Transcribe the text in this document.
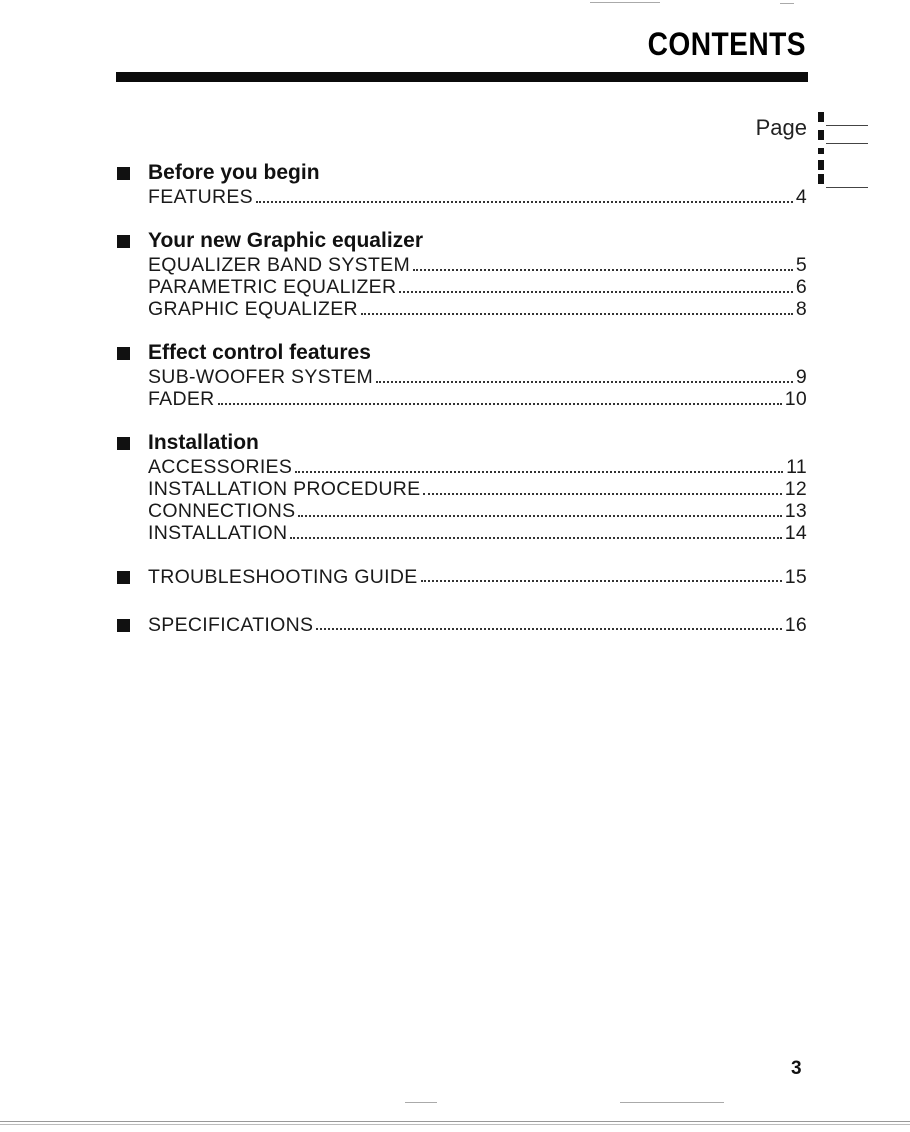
CONTENTS
Page
Before you begin
FEATURES	4
Your new Graphic equalizer
EQUALIZER BAND SYSTEM	5
PARAMETRIC EQUALIZER	6
GRAPHIC EQUALIZER	8
Effect control features
SUB-WOOFER SYSTEM	9
FADER	10
Installation
ACCESSORIES	11
INSTALLATION PROCEDURE	12
CONNECTIONS	13
INSTALLATION	14
TROUBLESHOOTING GUIDE	15
SPECIFICATIONS	16
3
